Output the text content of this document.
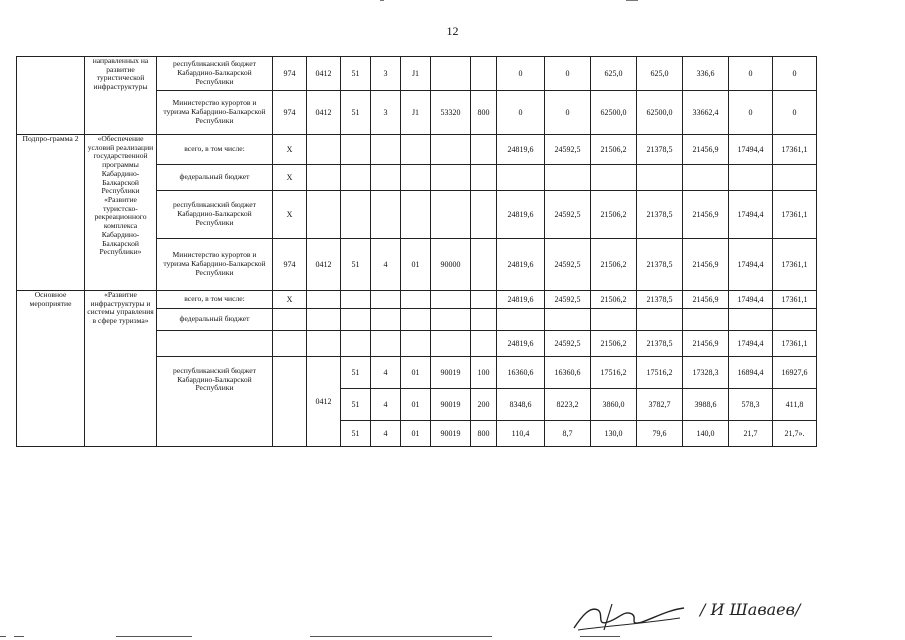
12
	направленных на развитие туристической инфраструктуры	республиканский бюджет Кабардино-Балкарской Республики	974	0412	51	3	J1			0	0	625,0	625,0	336,6	0	0
		Министерство курортов и туризма Кабардино-Балкарской Республики	974	0412	51	3	J1	53320	800	0	0	62500,0	62500,0	33662,4	0	0
Подпро-грамма 2	«Обеспечение условий реализации государственной программы Кабардино-Балкарской Республики «Развитие туристско-рекреационного комплекса Кабардино-Балкарской Республики»	всего, в том числе:	X							24819,6	24592,5	21506,2	21378,5	21456,9	17494,4	17361,1
		федеральный бюджет	X													
		республиканский бюджет Кабардино-Балкарской Республики	X							24819,6	24592,5	21506,2	21378,5	21456,9	17494,4	17361,1
		Министерство курортов и туризма Кабардино-Балкарской Республики	974	0412	51	4	01	90000		24819,6	24592,5	21506,2	21378,5	21456,9	17494,4	17361,1
Основное мероприятие	«Развитие инфраструктуры и системы управления в сфере туризма»	всего, в том числе:	X							24819,6	24592,5	21506,2	21378,5	21456,9	17494,4	17361,1
		федеральный бюджет														
										24819,6	24592,5	21506,2	21378,5	21456,9	17494,4	17361,1
		республиканский бюджет Кабардино-Балкарской Республики		0412	51	4	01	90019	100	16360,6	16360,6	17516,2	17516,2	17328,3	16894,4	16927,6
					51	4	01	90019	200	8348,6	8223,2	3860,0	3782,7	3988,6	578,3	411,8
					51	4	01	90019	800	110,4	8,7	130,0	79,6	140,0	21,7	21,7».
/ И Шаваев/
